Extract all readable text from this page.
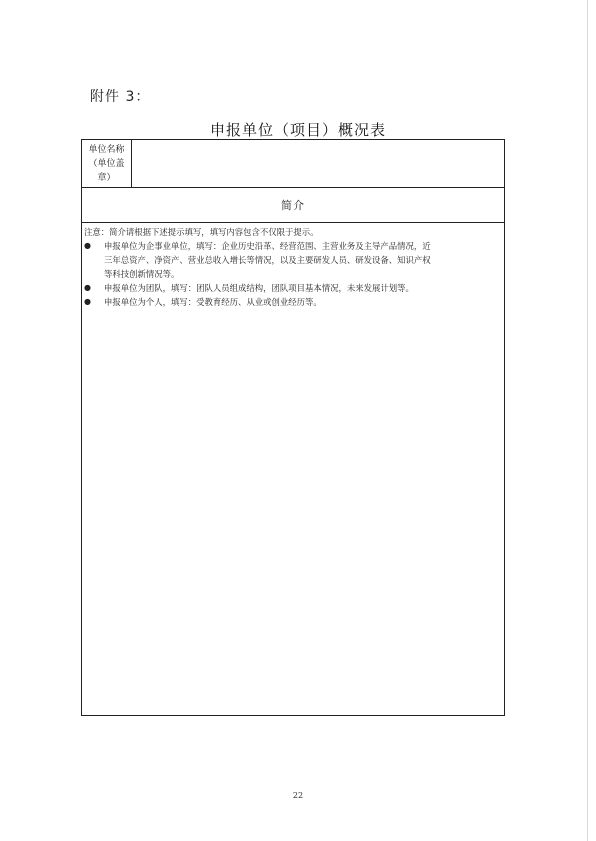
附件 3：
申报单位（项目）概况表
单位名称
（单位盖
章）
简介
注意：简介请根据下述提示填写，填写内容包含不仅限于提示。
●	申报单位为企事业单位，填写：企业历史沿革、经营范围、主营业务及主导产品情况，近
三年总资产、净资产、营业总收入增长等情况，以及主要研发人员、研发设备、知识产权
等科技创新情况等。
●	申报单位为团队，填写：团队人员组成结构，团队项目基本情况，未来发展计划等。
●	申报单位为个人，填写：受教育经历、从业或创业经历等。
22
